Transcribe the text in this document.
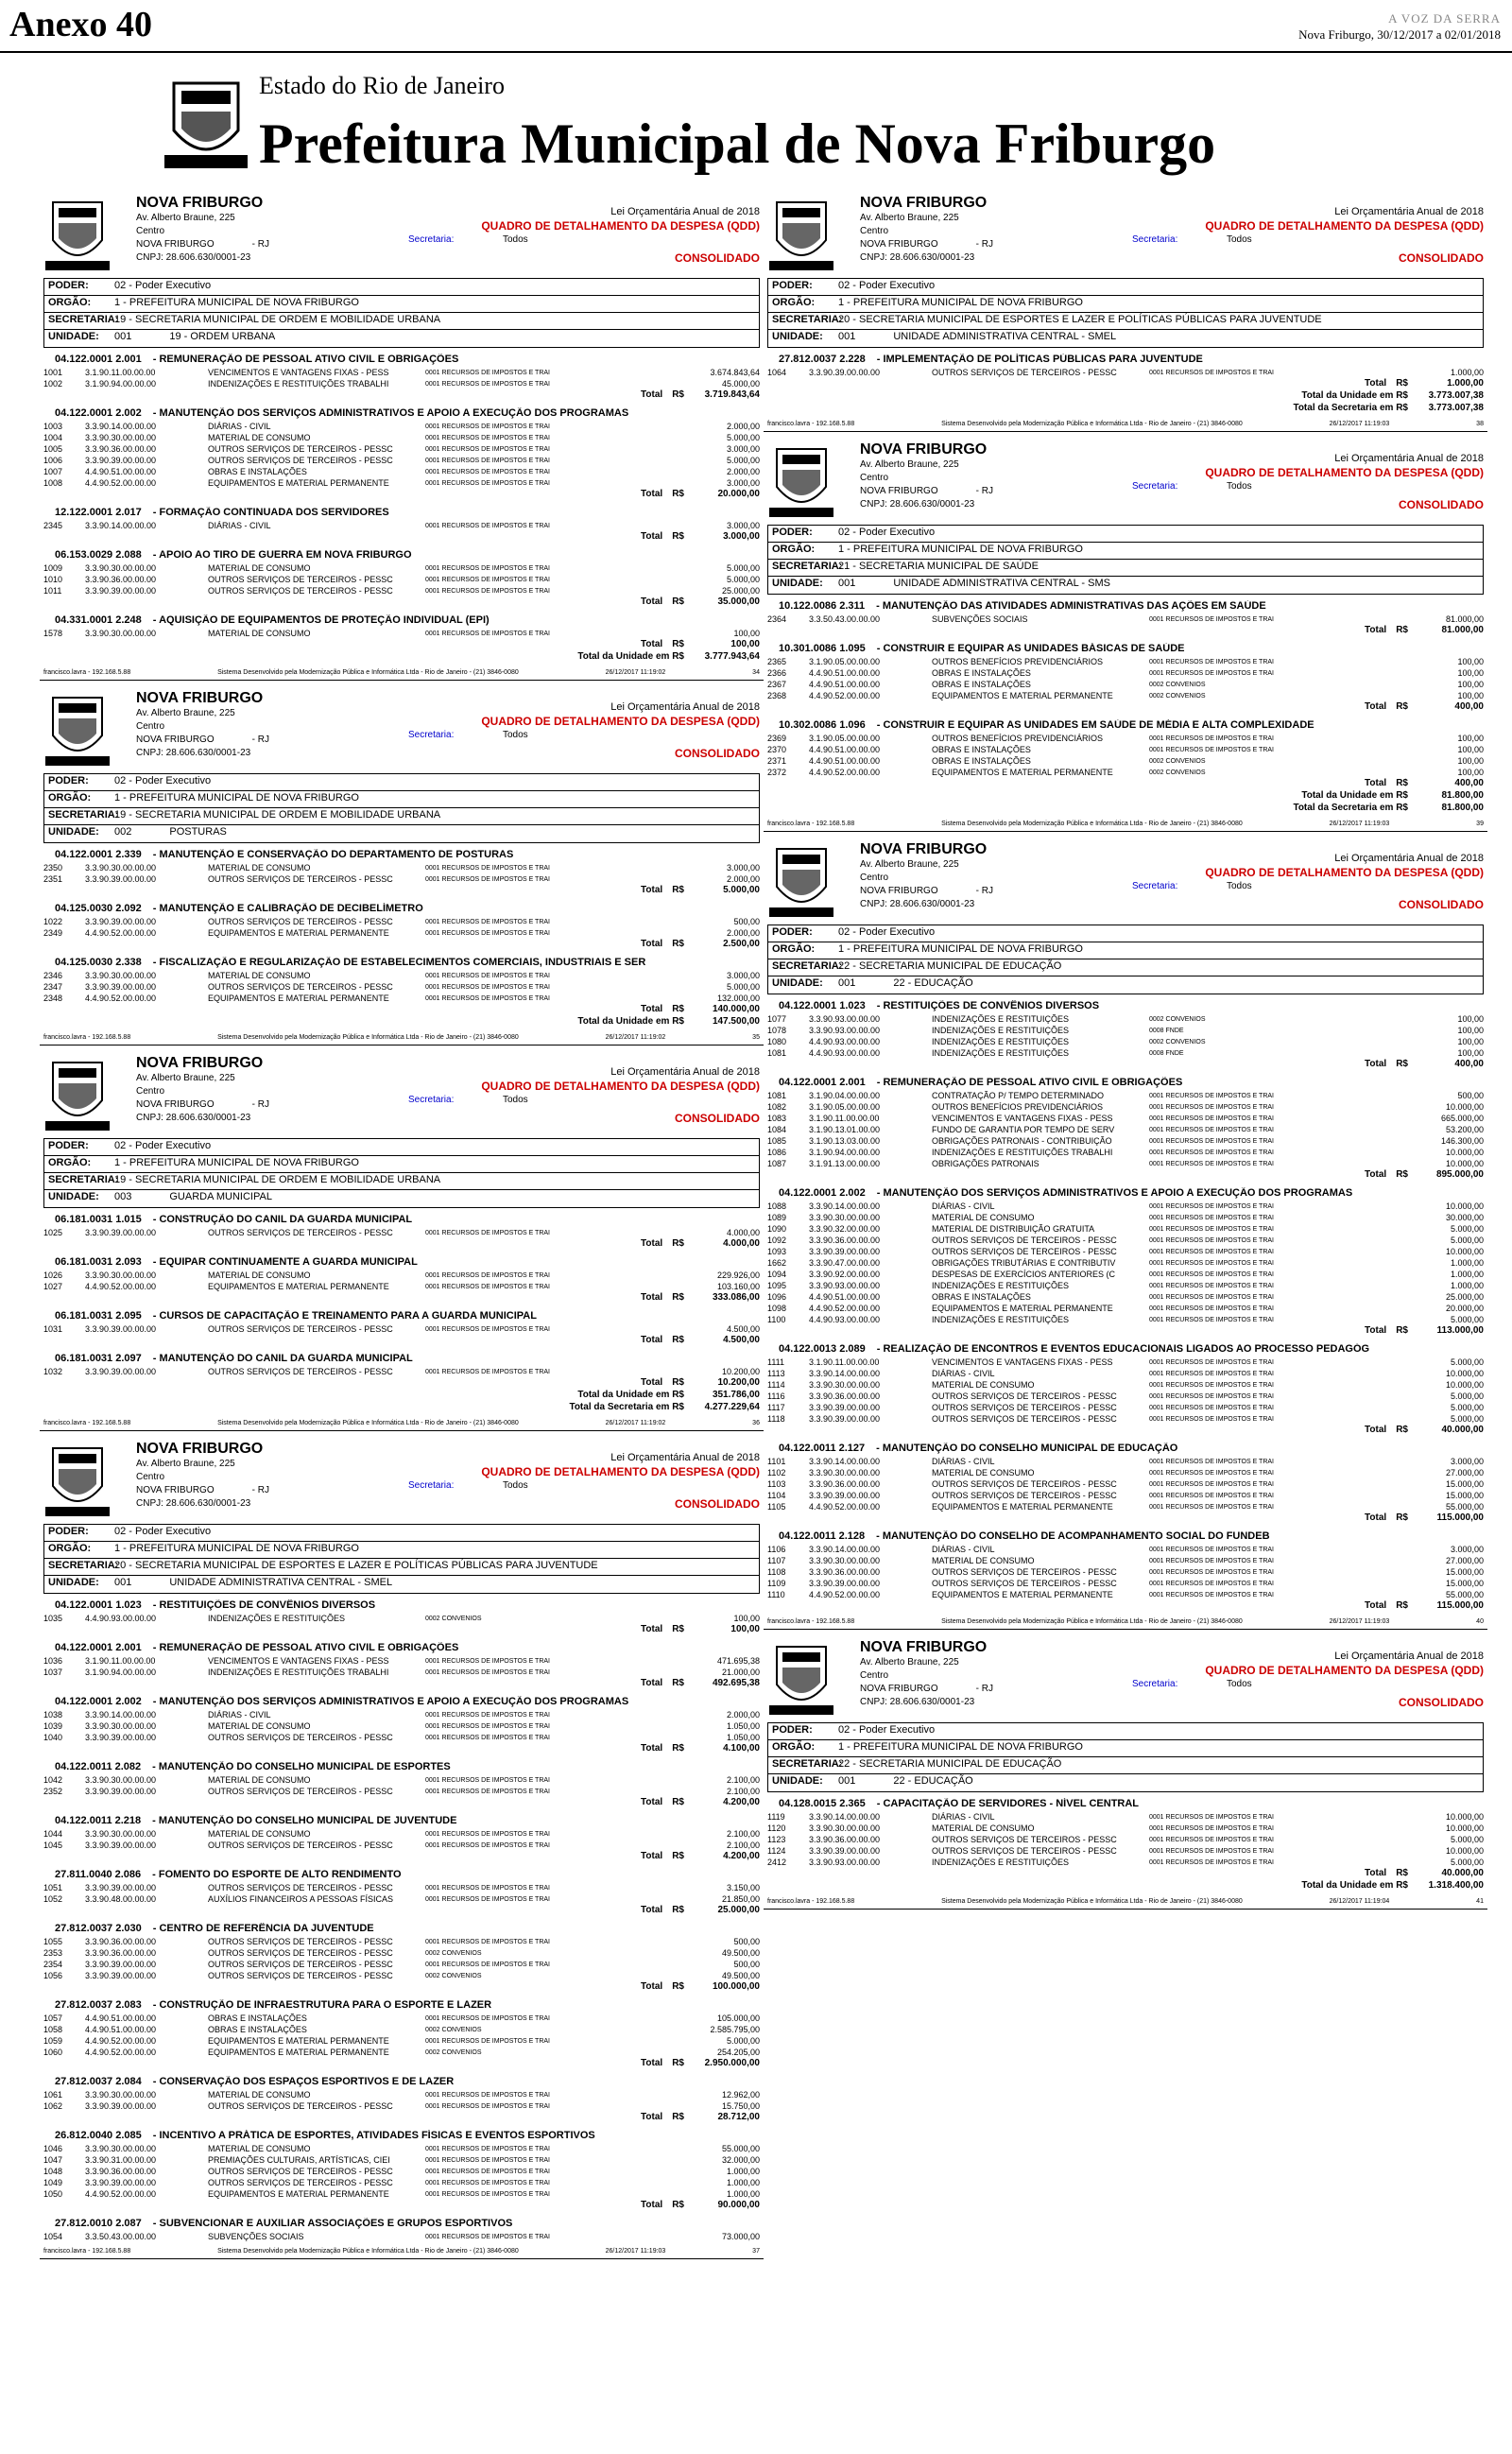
Anexo 40	A VOZ DA SERRA
Nova Friburgo, 30/12/2017 a 02/01/2018
Estado do Rio de Janeiro
Prefeitura Municipal de Nova Friburgo
NOVA FRIBURGO
Av. Alberto Braune, 225
Centro
NOVA FRIBURGO	- RJ
CNPJ: 28.606.630/0001-23
Lei Orçamentária Anual de 2018
QUADRO DE DETALHAMENTO DA DESPESA (QDD)
Secretaria:	Todos
CONSOLIDADO
PODER: 02 - Poder Executivo
ORGÃO: 1 - PREFEITURA MUNICIPAL DE NOVA FRIBURGO
SECRETARIA:19 - SECRETARIA MUNICIPAL DE ORDEM E MOBILIDADE URBANA
UNIDADE: 001	19 - ORDEM URBANA
04.122.0001 2.001 - REMUNERAÇÃO DE PESSOAL ATIVO CIVIL E OBRIGAÇÕES
1001	3.1.90.11.00.00.00	VENCIMENTOS E VANTAGENS FIXAS - PESS	0001 RECURSOS DE IMPOSTOS E TRAI	3.674.843,64
1002	3.1.90.94.00.00.00	INDENIZAÇÕES E RESTITUIÇÕES TRABALHI	0001 RECURSOS DE IMPOSTOS E TRAI	45.000,00
Total R$	3.719.843,64
04.122.0001 2.002 - MANUTENÇÃO DOS SERVIÇOS ADMINISTRATIVOS E APOIO A EXECUÇÃO DOS PROGRAMAS
1003	3.3.90.14.00.00.00	DIÁRIAS - CIVIL	0001 RECURSOS DE IMPOSTOS E TRAI	2.000,00
1004	3.3.90.30.00.00.00	MATERIAL DE CONSUMO	0001 RECURSOS DE IMPOSTOS E TRAI	5.000,00
1005	3.3.90.36.00.00.00	OUTROS SERVIÇOS DE TERCEIROS - PESSC	0001 RECURSOS DE IMPOSTOS E TRAI	3.000,00
1006	3.3.90.39.00.00.00	OUTROS SERVIÇOS DE TERCEIROS - PESSC	0001 RECURSOS DE IMPOSTOS E TRAI	5.000,00
1007	4.4.90.51.00.00.00	OBRAS E INSTALAÇÕES	0001 RECURSOS DE IMPOSTOS E TRAI	2.000,00
1008	4.4.90.52.00.00.00	EQUIPAMENTOS E MATERIAL PERMANENTE	0001 RECURSOS DE IMPOSTOS E TRAI	3.000,00
Total R$	20.000,00
12.122.0001 2.017 - FORMAÇÃO CONTINUADA DOS SERVIDORES
2345	3.3.90.14.00.00.00	DIÁRIAS - CIVIL	0001 RECURSOS DE IMPOSTOS E TRAI	3.000,00
Total R$	3.000,00
06.153.0029 2.088 - APOIO AO TIRO DE GUERRA EM NOVA FRIBURGO
1009	3.3.90.30.00.00.00	MATERIAL DE CONSUMO	0001 RECURSOS DE IMPOSTOS E TRAI	5.000,00
1010	3.3.90.36.00.00.00	OUTROS SERVIÇOS DE TERCEIROS - PESSC	0001 RECURSOS DE IMPOSTOS E TRAI	5.000,00
1011	3.3.90.39.00.00.00	OUTROS SERVIÇOS DE TERCEIROS - PESSC	0001 RECURSOS DE IMPOSTOS E TRAI	25.000,00
Total R$	35.000,00
04.331.0001 2.248 - AQUISIÇÃO DE EQUIPAMENTOS DE PROTEÇÃO INDIVIDUAL (EPI)
1578	3.3.90.30.00.00.00	MATERIAL DE CONSUMO	0001 RECURSOS DE IMPOSTOS E TRAI	100,00
Total R$	100,00
Total da Unidade em R$	3.777.943,64
francisco.lavra - 192.168.5.88	Sistema Desenvolvido pela Modernização Pública e Informática Ltda - Rio de Janeiro - (21) 3846-0080	26/12/2017 11:19:02	34
NOVA FRIBURGO
Av. Alberto Braune, 225
Centro
NOVA FRIBURGO	- RJ
CNPJ: 28.606.630/0001-23
Lei Orçamentária Anual de 2018
QUADRO DE DETALHAMENTO DA DESPESA (QDD)
Secretaria:	Todos
CONSOLIDADO
PODER: 02 - Poder Executivo
ORGÃO: 1 - PREFEITURA MUNICIPAL DE NOVA FRIBURGO
SECRETARIA:19 - SECRETARIA MUNICIPAL DE ORDEM E MOBILIDADE URBANA
UNIDADE: 002	POSTURAS
04.122.0001 2.339 - MANUTENÇÃO E CONSERVAÇÃO DO DEPARTAMENTO DE POSTURAS
2350	3.3.90.30.00.00.00	MATERIAL DE CONSUMO	0001 RECURSOS DE IMPOSTOS E TRAI	3.000,00
2351	3.3.90.39.00.00.00	OUTROS SERVIÇOS DE TERCEIROS - PESSC	0001 RECURSOS DE IMPOSTOS E TRAI	2.000,00
Total R$	5.000,00
04.125.0030 2.092 - MANUTENÇÃO E CALIBRAÇÃO DE DECIBELÍMETRO
1022	3.3.90.39.00.00.00	OUTROS SERVIÇOS DE TERCEIROS - PESSC	0001 RECURSOS DE IMPOSTOS E TRAI	500,00
2349	4.4.90.52.00.00.00	EQUIPAMENTOS E MATERIAL PERMANENTE	0001 RECURSOS DE IMPOSTOS E TRAI	2.000,00
Total R$	2.500,00
04.125.0030 2.338 - FISCALIZAÇÃO E REGULARIZAÇÃO DE ESTABELECIMENTOS COMERCIAIS, INDUSTRIAIS E SER
2346	3.3.90.30.00.00.00	MATERIAL DE CONSUMO	0001 RECURSOS DE IMPOSTOS E TRAI	3.000,00
2347	3.3.90.39.00.00.00	OUTROS SERVIÇOS DE TERCEIROS - PESSC	0001 RECURSOS DE IMPOSTOS E TRAI	5.000,00
2348	4.4.90.52.00.00.00	EQUIPAMENTOS E MATERIAL PERMANENTE	0001 RECURSOS DE IMPOSTOS E TRAI	132.000,00
Total R$	140.000,00
Total da Unidade em R$	147.500,00
francisco.lavra - 192.168.5.88	Sistema Desenvolvido pela Modernização Pública e Informática Ltda - Rio de Janeiro - (21) 3846-0080	26/12/2017 11:19:02	35
NOVA FRIBURGO
Av. Alberto Braune, 225
Centro
NOVA FRIBURGO	- RJ
CNPJ: 28.606.630/0001-23
Lei Orçamentária Anual de 2018
QUADRO DE DETALHAMENTO DA DESPESA (QDD)
Secretaria:	Todos
CONSOLIDADO
PODER: 02 - Poder Executivo
ORGÃO: 1 - PREFEITURA MUNICIPAL DE NOVA FRIBURGO
SECRETARIA:19 - SECRETARIA MUNICIPAL DE ORDEM E MOBILIDADE URBANA
UNIDADE: 003	GUARDA MUNICIPAL
06.181.0031 1.015 - CONSTRUÇÃO DO CANIL DA GUARDA MUNICIPAL
1025	3.3.90.39.00.00.00	OUTROS SERVIÇOS DE TERCEIROS - PESSC	0001 RECURSOS DE IMPOSTOS E TRAI	4.000,00
Total R$	4.000,00
06.181.0031 2.093 - EQUIPAR CONTINUAMENTE A GUARDA MUNICIPAL
1026	3.3.90.30.00.00.00	MATERIAL DE CONSUMO	0001 RECURSOS DE IMPOSTOS E TRAI	229.926,00
1027	4.4.90.52.00.00.00	EQUIPAMENTOS E MATERIAL PERMANENTE	0001 RECURSOS DE IMPOSTOS E TRAI	103.160,00
Total R$	333.086,00
06.181.0031 2.095 - CURSOS DE CAPACITAÇÃO E TREINAMENTO PARA A GUARDA MUNICIPAL
1031	3.3.90.39.00.00.00	OUTROS SERVIÇOS DE TERCEIROS - PESSC	0001 RECURSOS DE IMPOSTOS E TRAI	4.500,00
Total R$	4.500,00
06.181.0031 2.097 - MANUTENÇÃO DO CANIL DA GUARDA MUNICIPAL
1032	3.3.90.39.00.00.00	OUTROS SERVIÇOS DE TERCEIROS - PESSC	0001 RECURSOS DE IMPOSTOS E TRAI	10.200,00
Total R$	10.200,00
Total da Unidade em R$	351.786,00
Total da Secretaria em R$	4.277.229,64
francisco.lavra - 192.168.5.88	Sistema Desenvolvido pela Modernização Pública e Informática Ltda - Rio de Janeiro - (21) 3846-0080	26/12/2017 11:19:02	36
NOVA FRIBURGO
Av. Alberto Braune, 225
Centro
NOVA FRIBURGO	- RJ
CNPJ: 28.606.630/0001-23
Lei Orçamentária Anual de 2018
QUADRO DE DETALHAMENTO DA DESPESA (QDD)
Secretaria:	Todos
CONSOLIDADO
PODER: 02 - Poder Executivo
ORGÃO: 1 - PREFEITURA MUNICIPAL DE NOVA FRIBURGO
SECRETARIA:20 - SECRETARIA MUNICIPAL DE ESPORTES E LAZER E POLÍTICAS PÚBLICAS PARA JUVENTUDE
UNIDADE: 001	UNIDADE ADMINISTRATIVA CENTRAL - SMEL
04.122.0001 1.023 - RESTITUIÇÕES DE CONVÊNIOS DIVERSOS
1035	4.4.90.93.00.00.00	INDENIZAÇÕES E RESTITUIÇÕES	0002 CONVÊNIOS	100,00
Total R$	100,00
04.122.0001 2.001 - REMUNERAÇÃO DE PESSOAL ATIVO CIVIL E OBRIGAÇÕES
1036	3.1.90.11.00.00.00	VENCIMENTOS E VANTAGENS FIXAS - PESS	0001 RECURSOS DE IMPOSTOS E TRAI	471.695,38
1037	3.1.90.94.00.00.00	INDENIZAÇÕES E RESTITUIÇÕES TRABALHI	0001 RECURSOS DE IMPOSTOS E TRAI	21.000,00
Total R$	492.695,38
04.122.0001 2.002 - MANUTENÇÃO DOS SERVIÇOS ADMINISTRATIVOS E APOIO A EXECUÇÃO DOS PROGRAMAS
1038	3.3.90.14.00.00.00	DIÁRIAS - CIVIL	0001 RECURSOS DE IMPOSTOS E TRAI	2.000,00
1039	3.3.90.30.00.00.00	MATERIAL DE CONSUMO	0001 RECURSOS DE IMPOSTOS E TRAI	1.050,00
1040	3.3.90.39.00.00.00	OUTROS SERVIÇOS DE TERCEIROS - PESSC	0001 RECURSOS DE IMPOSTOS E TRAI	1.050,00
Total R$	4.100,00
04.122.0011 2.082 - MANUTENÇÃO DO CONSELHO MUNICIPAL DE ESPORTES
1042	3.3.90.30.00.00.00	MATERIAL DE CONSUMO	0001 RECURSOS DE IMPOSTOS E TRAI	2.100,00
2352	3.3.90.39.00.00.00	OUTROS SERVIÇOS DE TERCEIROS - PESSC	0001 RECURSOS DE IMPOSTOS E TRAI	2.100,00
Total R$	4.200,00
04.122.0011 2.218 - MANUTENÇÃO DO CONSELHO MUNICIPAL DE JUVENTUDE
1044	3.3.90.30.00.00.00	MATERIAL DE CONSUMO	0001 RECURSOS DE IMPOSTOS E TRAI	2.100,00
1045	3.3.90.39.00.00.00	OUTROS SERVIÇOS DE TERCEIROS - PESSC	0001 RECURSOS DE IMPOSTOS E TRAI	2.100,00
Total R$	4.200,00
27.811.0040 2.086 - FOMENTO DO ESPORTE DE ALTO RENDIMENTO
1051	3.3.90.39.00.00.00	OUTROS SERVIÇOS DE TERCEIROS - PESSC	0001 RECURSOS DE IMPOSTOS E TRAI	3.150,00
1052	3.3.90.48.00.00.00	AUXÍLIOS FINANCEIROS A PESSOAS FÍSICAS	0001 RECURSOS DE IMPOSTOS E TRAI	21.850,00
Total R$	25.000,00
27.812.0037 2.030 - CENTRO DE REFERÊNCIA DA JUVENTUDE
1055	3.3.90.36.00.00.00	OUTROS SERVIÇOS DE TERCEIROS - PESSC	0001 RECURSOS DE IMPOSTOS E TRAI	500,00
2353	3.3.90.36.00.00.00	OUTROS SERVIÇOS DE TERCEIROS - PESSC	0002 CONVÊNIOS	49.500,00
2354	3.3.90.39.00.00.00	OUTROS SERVIÇOS DE TERCEIROS - PESSC	0001 RECURSOS DE IMPOSTOS E TRAI	500,00
1056	3.3.90.39.00.00.00	OUTROS SERVIÇOS DE TERCEIROS - PESSC	0002 CONVÊNIOS	49.500,00
Total R$	100.000,00
27.812.0037 2.083 - CONSTRUÇÃO DE INFRAESTRUTURA PARA O ESPORTE E LAZER
1057	4.4.90.51.00.00.00	OBRAS E INSTALAÇÕES	0001 RECURSOS DE IMPOSTOS E TRAI	105.000,00
1058	4.4.90.51.00.00.00	OBRAS E INSTALAÇÕES	0002 CONVÊNIOS	2.585.795,00
1059	4.4.90.52.00.00.00	EQUIPAMENTOS E MATERIAL PERMANENTE	0001 RECURSOS DE IMPOSTOS E TRAI	5.000,00
1060	4.4.90.52.00.00.00	EQUIPAMENTOS E MATERIAL PERMANENTE	0002 CONVÊNIOS	254.205,00
Total R$	2.950.000,00
27.812.0037 2.084 - CONSERVAÇÃO DOS ESPAÇOS ESPORTIVOS E DE LAZER
1061	3.3.90.30.00.00.00	MATERIAL DE CONSUMO	0001 RECURSOS DE IMPOSTOS E TRAI	12.962,00
1062	3.3.90.39.00.00.00	OUTROS SERVIÇOS DE TERCEIROS - PESSC	0001 RECURSOS DE IMPOSTOS E TRAI	15.750,00
Total R$	28.712,00
26.812.0040 2.085 - INCENTIVO A PRÁTICA DE ESPORTES, ATIVIDADES FÍSICAS E EVENTOS ESPORTIVOS
1046	3.3.90.30.00.00.00	MATERIAL DE CONSUMO	0001 RECURSOS DE IMPOSTOS E TRAI	55.000,00
1047	3.3.90.31.00.00.00	PREMIAÇÕES CULTURAIS, ARTÍSTICAS, CIEI	0001 RECURSOS DE IMPOSTOS E TRAI	32.000,00
1048	3.3.90.36.00.00.00	OUTROS SERVIÇOS DE TERCEIROS - PESSC	0001 RECURSOS DE IMPOSTOS E TRAI	1.000,00
1049	3.3.90.39.00.00.00	OUTROS SERVIÇOS DE TERCEIROS - PESSC	0001 RECURSOS DE IMPOSTOS E TRAI	1.000,00
1050	4.4.90.52.00.00.00	EQUIPAMENTOS E MATERIAL PERMANENTE	0001 RECURSOS DE IMPOSTOS E TRAI	1.000,00
Total R$	90.000,00
27.812.0010 2.087 - SUBVENCIONAR E AUXILIAR ASSOCIAÇÕES E GRUPOS ESPORTIVOS
1054	3.3.50.43.00.00.00	SUBVENÇÕES SOCIAIS	0001 RECURSOS DE IMPOSTOS E TRAI	73.000,00
francisco.lavra - 192.168.5.88	Sistema Desenvolvido pela Modernização Pública e Informática Ltda - Rio de Janeiro - (21) 3846-0080	26/12/2017 11:19:03	37
NOVA FRIBURGO
Av. Alberto Braune, 225
Centro
NOVA FRIBURGO	- RJ
CNPJ: 28.606.630/0001-23
Lei Orçamentária Anual de 2018
QUADRO DE DETALHAMENTO DA DESPESA (QDD)
Secretaria:	Todos
CONSOLIDADO
PODER: 02 - Poder Executivo
ORGÃO: 1 - PREFEITURA MUNICIPAL DE NOVA FRIBURGO
SECRETARIA:20 - SECRETARIA MUNICIPAL DE ESPORTES E LAZER E POLÍTICAS PÚBLICAS PARA JUVENTUDE
UNIDADE: 001	UNIDADE ADMINISTRATIVA CENTRAL - SMEL
27.812.0037 2.228 - IMPLEMENTAÇÃO DE POLÍTICAS PÚBLICAS PARA JUVENTUDE
1064	3.3.90.39.00.00.00	OUTROS SERVIÇOS DE TERCEIROS - PESSC	0001 RECURSOS DE IMPOSTOS E TRAI	1.000,00
Total R$	1.000,00
Total da Unidade em R$	3.773.007,38
Total da Secretaria em R$	3.773.007,38
francisco.lavra - 192.168.5.88	Sistema Desenvolvido pela Modernização Pública e Informática Ltda - Rio de Janeiro - (21) 3846-0080	26/12/2017 11:19:03	38
NOVA FRIBURGO
Av. Alberto Braune, 225
Centro
NOVA FRIBURGO	- RJ
CNPJ: 28.606.630/0001-23
Lei Orçamentária Anual de 2018
QUADRO DE DETALHAMENTO DA DESPESA (QDD)
Secretaria:	Todos
CONSOLIDADO
PODER: 02 - Poder Executivo
ORGÃO: 1 - PREFEITURA MUNICIPAL DE NOVA FRIBURGO
SECRETARIA:21 - SECRETARIA MUNICIPAL DE SAÚDE
UNIDADE: 001	UNIDADE ADMINISTRATIVA CENTRAL - SMS
10.122.0086 2.311 - MANUTENÇÃO DAS ATIVIDADES ADMINISTRATIVAS DAS AÇÕES EM SAÚDE
2364	3.3.50.43.00.00.00	SUBVENÇÕES SOCIAIS	0001 RECURSOS DE IMPOSTOS E TRAI	81.000,00
Total R$	81.000,00
10.301.0086 1.095 - CONSTRUIR E EQUIPAR AS UNIDADES BÁSICAS DE SAÚDE
2365	3.1.90.05.00.00.00	OUTROS BENEFÍCIOS PREVIDENCIÁRIOS	0001 RECURSOS DE IMPOSTOS E TRAI	100,00
2366	4.4.90.51.00.00.00	OBRAS E INSTALAÇÕES	0001 RECURSOS DE IMPOSTOS E TRAI	100,00
2367	4.4.90.51.00.00.00	OBRAS E INSTALAÇÕES	0002 CONVÊNIOS	100,00
2368	4.4.90.52.00.00.00	EQUIPAMENTOS E MATERIAL PERMANENTE	0002 CONVÊNIOS	100,00
Total R$	400,00
10.302.0086 1.096 - CONSTRUIR E EQUIPAR AS UNIDADES EM SAÚDE DE MÉDIA E ALTA COMPLEXIDADE
2369	3.1.90.05.00.00.00	OUTROS BENEFÍCIOS PREVIDENCIÁRIOS	0001 RECURSOS DE IMPOSTOS E TRAI	100,00
2370	4.4.90.51.00.00.00	OBRAS E INSTALAÇÕES	0001 RECURSOS DE IMPOSTOS E TRAI	100,00
2371	4.4.90.51.00.00.00	OBRAS E INSTALAÇÕES	0002 CONVÊNIOS	100,00
2372	4.4.90.52.00.00.00	EQUIPAMENTOS E MATERIAL PERMANENTE	0002 CONVÊNIOS	100,00
Total R$	400,00
Total da Unidade em R$	81.800,00
Total da Secretaria em R$	81.800,00
francisco.lavra - 192.168.5.88	Sistema Desenvolvido pela Modernização Pública e Informática Ltda - Rio de Janeiro - (21) 3846-0080	26/12/2017 11:19:03	39
NOVA FRIBURGO
Av. Alberto Braune, 225
Centro
NOVA FRIBURGO	- RJ
CNPJ: 28.606.630/0001-23
Lei Orçamentária Anual de 2018
QUADRO DE DETALHAMENTO DA DESPESA (QDD)
Secretaria:	Todos
CONSOLIDADO
PODER: 02 - Poder Executivo
ORGÃO: 1 - PREFEITURA MUNICIPAL DE NOVA FRIBURGO
SECRETARIA:22 - SECRETARIA MUNICIPAL DE EDUCAÇÃO
UNIDADE: 001	22 - EDUCAÇÃO
04.122.0001 1.023 - RESTITUIÇÕES DE CONVÊNIOS DIVERSOS
1077	3.3.90.93.00.00.00	INDENIZAÇÕES E RESTITUIÇÕES	0002 CONVÊNIOS	100,00
1078	3.3.90.93.00.00.00	INDENIZAÇÕES E RESTITUIÇÕES	0008 FNDE	100,00
1080	4.4.90.93.00.00.00	INDENIZAÇÕES E RESTITUIÇÕES	0002 CONVÊNIOS	100,00
1081	4.4.90.93.00.00.00	INDENIZAÇÕES E RESTITUIÇÕES	0008 FNDE	100,00
Total R$	400,00
04.122.0001 2.001 - REMUNERAÇÃO DE PESSOAL ATIVO CIVIL E OBRIGAÇÕES
1081	3.1.90.04.00.00.00	CONTRATAÇÃO P/ TEMPO DETERMINADO	0001 RECURSOS DE IMPOSTOS E TRAI	500,00
1082	3.1.90.05.00.00.00	OUTROS BENEFÍCIOS PREVIDENCIÁRIOS	0001 RECURSOS DE IMPOSTOS E TRAI	10.000,00
1083	3.1.90.11.00.00.00	VENCIMENTOS E VANTAGENS FIXAS - PESS	0001 RECURSOS DE IMPOSTOS E TRAI	665.000,00
1084	3.1.90.13.01.00.00	FUNDO DE GARANTIA POR TEMPO DE SERV	0001 RECURSOS DE IMPOSTOS E TRAI	53.200,00
1085	3.1.90.13.03.00.00	OBRIGAÇÕES PATRONAIS - CONTRIBUIÇÃO	0001 RECURSOS DE IMPOSTOS E TRAI	146.300,00
1086	3.1.90.94.00.00.00	INDENIZAÇÕES E RESTITUIÇÕES TRABALHI	0001 RECURSOS DE IMPOSTOS E TRAI	10.000,00
1087	3.1.91.13.00.00.00	OBRIGAÇÕES PATRONAIS	0001 RECURSOS DE IMPOSTOS E TRAI	10.000,00
Total R$	895.000,00
04.122.0001 2.002 - MANUTENÇÃO DOS SERVIÇOS ADMINISTRATIVOS E APOIO A EXECUÇÃO DOS PROGRAMAS
1088	3.3.90.14.00.00.00	DIÁRIAS - CIVIL	0001 RECURSOS DE IMPOSTOS E TRAI	10.000,00
1089	3.3.90.30.00.00.00	MATERIAL DE CONSUMO	0001 RECURSOS DE IMPOSTOS E TRAI	30.000,00
1090	3.3.90.32.00.00.00	MATERIAL DE DISTRIBUIÇÃO GRATUITA	0001 RECURSOS DE IMPOSTOS E TRAI	5.000,00
1092	3.3.90.36.00.00.00	OUTROS SERVIÇOS DE TERCEIROS - PESSC	0001 RECURSOS DE IMPOSTOS E TRAI	5.000,00
1093	3.3.90.39.00.00.00	OUTROS SERVIÇOS DE TERCEIROS - PESSC	0001 RECURSOS DE IMPOSTOS E TRAI	10.000,00
1662	3.3.90.47.00.00.00	OBRIGAÇÕES TRIBUTÁRIAS E CONTRIBUTIV	0001 RECURSOS DE IMPOSTOS E TRAI	1.000,00
1094	3.3.90.92.00.00.00	DESPESAS DE EXERCÍCIOS ANTERIORES (C	0001 RECURSOS DE IMPOSTOS E TRAI	1.000,00
1095	3.3.90.93.00.00.00	INDENIZAÇÕES E RESTITUIÇÕES	0001 RECURSOS DE IMPOSTOS E TRAI	1.000,00
1096	4.4.90.51.00.00.00	OBRAS E INSTALAÇÕES	0001 RECURSOS DE IMPOSTOS E TRAI	25.000,00
1098	4.4.90.52.00.00.00	EQUIPAMENTOS E MATERIAL PERMANENTE	0001 RECURSOS DE IMPOSTOS E TRAI	20.000,00
1100	4.4.90.93.00.00.00	INDENIZAÇÕES E RESTITUIÇÕES	0001 RECURSOS DE IMPOSTOS E TRAI	5.000,00
Total R$	113.000,00
04.122.0013 2.089 - REALIZAÇÃO DE ENCONTROS E EVENTOS EDUCACIONAIS LIGADOS AO PROCESSO PEDAGÓG
1111	3.1.90.11.00.00.00	VENCIMENTOS E VANTAGENS FIXAS - PESS	0001 RECURSOS DE IMPOSTOS E TRAI	5.000,00
1113	3.3.90.14.00.00.00	DIÁRIAS - CIVIL	0001 RECURSOS DE IMPOSTOS E TRAI	10.000,00
1114	3.3.90.30.00.00.00	MATERIAL DE CONSUMO	0001 RECURSOS DE IMPOSTOS E TRAI	10.000,00
1116	3.3.90.36.00.00.00	OUTROS SERVIÇOS DE TERCEIROS - PESSC	0001 RECURSOS DE IMPOSTOS E TRAI	5.000,00
1117	3.3.90.39.00.00.00	OUTROS SERVIÇOS DE TERCEIROS - PESSC	0001 RECURSOS DE IMPOSTOS E TRAI	5.000,00
1118	3.3.90.39.00.00.00	OUTROS SERVIÇOS DE TERCEIROS - PESSC	0001 RECURSOS DE IMPOSTOS E TRAI	5.000,00
Total R$	40.000,00
04.122.0011 2.127 - MANUTENÇÃO DO CONSELHO MUNICIPAL DE EDUCAÇÃO
1101	3.3.90.14.00.00.00	DIÁRIAS - CIVIL	0001 RECURSOS DE IMPOSTOS E TRAI	3.000,00
1102	3.3.90.30.00.00.00	MATERIAL DE CONSUMO	0001 RECURSOS DE IMPOSTOS E TRAI	27.000,00
1103	3.3.90.36.00.00.00	OUTROS SERVIÇOS DE TERCEIROS - PESSC	0001 RECURSOS DE IMPOSTOS E TRAI	15.000,00
1104	3.3.90.39.00.00.00	OUTROS SERVIÇOS DE TERCEIROS - PESSC	0001 RECURSOS DE IMPOSTOS E TRAI	15.000,00
1105	4.4.90.52.00.00.00	EQUIPAMENTOS E MATERIAL PERMANENTE	0001 RECURSOS DE IMPOSTOS E TRAI	55.000,00
Total R$	115.000,00
04.122.0011 2.128 - MANUTENÇÃO DO CONSELHO DE ACOMPANHAMENTO SOCIAL DO FUNDEB
1106	3.3.90.14.00.00.00	DIÁRIAS - CIVIL	0001 RECURSOS DE IMPOSTOS E TRAI	3.000,00
1107	3.3.90.30.00.00.00	MATERIAL DE CONSUMO	0001 RECURSOS DE IMPOSTOS E TRAI	27.000,00
1108	3.3.90.36.00.00.00	OUTROS SERVIÇOS DE TERCEIROS - PESSC	0001 RECURSOS DE IMPOSTOS E TRAI	15.000,00
1109	3.3.90.39.00.00.00	OUTROS SERVIÇOS DE TERCEIROS - PESSC	0001 RECURSOS DE IMPOSTOS E TRAI	15.000,00
1110	4.4.90.52.00.00.00	EQUIPAMENTOS E MATERIAL PERMANENTE	0001 RECURSOS DE IMPOSTOS E TRAI	55.000,00
Total R$	115.000,00
francisco.lavra - 192.168.5.88	Sistema Desenvolvido pela Modernização Pública e Informática Ltda - Rio de Janeiro - (21) 3846-0080	26/12/2017 11:19:03	40
NOVA FRIBURGO
Av. Alberto Braune, 225
Centro
NOVA FRIBURGO	- RJ
CNPJ: 28.606.630/0001-23
Lei Orçamentária Anual de 2018
QUADRO DE DETALHAMENTO DA DESPESA (QDD)
Secretaria:	Todos
CONSOLIDADO
PODER: 02 - Poder Executivo
ORGÃO: 1 - PREFEITURA MUNICIPAL DE NOVA FRIBURGO
SECRETARIA:22 - SECRETARIA MUNICIPAL DE EDUCAÇÃO
UNIDADE: 001	22 - EDUCAÇÃO
04.128.0015 2.365 - CAPACITAÇÃO DE SERVIDORES - NÍVEL CENTRAL
1119	3.3.90.14.00.00.00	DIÁRIAS - CIVIL	0001 RECURSOS DE IMPOSTOS E TRAI	10.000,00
1120	3.3.90.30.00.00.00	MATERIAL DE CONSUMO	0001 RECURSOS DE IMPOSTOS E TRAI	10.000,00
1123	3.3.90.36.00.00.00	OUTROS SERVIÇOS DE TERCEIROS - PESSC	0001 RECURSOS DE IMPOSTOS E TRAI	5.000,00
1124	3.3.90.39.00.00.00	OUTROS SERVIÇOS DE TERCEIROS - PESSC	0001 RECURSOS DE IMPOSTOS E TRAI	10.000,00
2412	3.3.90.93.00.00.00	INDENIZAÇÕES E RESTITUIÇÕES	0001 RECURSOS DE IMPOSTOS E TRAI	5.000,00
Total R$	40.000,00
Total da Unidade em R$	1.318.400,00
francisco.lavra - 192.168.5.88	Sistema Desenvolvido pela Modernização Pública e Informática Ltda - Rio de Janeiro - (21) 3846-0080	26/12/2017 11:19:04	41
